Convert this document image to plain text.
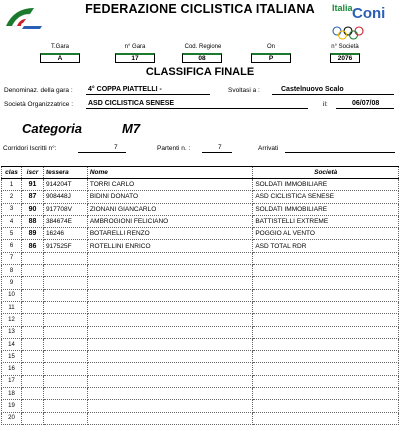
FEDERAZIONE CICLISTICA ITALIANA	Italia Coni
T.Gara
A
n° Gara
17
Cod. Regione
08
On
P
n° Società
2076
CLASSIFICA FINALE
Denominaz. della gara : 4° COPPA PIATTELLI -	Svoltasi a :	Castelnuovo Scalo
Società Organizzatrice : ASD CICLISTICA SENESE	il:	06/07/08
Categoria	M7
Corridori Iscritti n°:	7	Partenti n. :	7	Arrivati
clas	iscr	tessera	Nome	Società
1	91	914204T	TORRI CARLO	SOLDATI IMMOBILIARE
2	87	908448J	BIDINI DONATO	ASD CICLISTICA SENESE
3	90	917708V	ZIONANI GIANCARLO	SOLDATI IMMOBILIARE
4	88	384674E	AMBROGIONI FELICIANO	BATTISTELLI EXTREME
5	89	16246	BOTARELLI RENZO	POGGIO AL VENTO
6	86	917525F	ROTELLINI ENRICO	ASD TOTAL RDR
7				
8				
9				
10				
11				
12				
13				
14				
15				
16				
17				
18				
19				
20				
